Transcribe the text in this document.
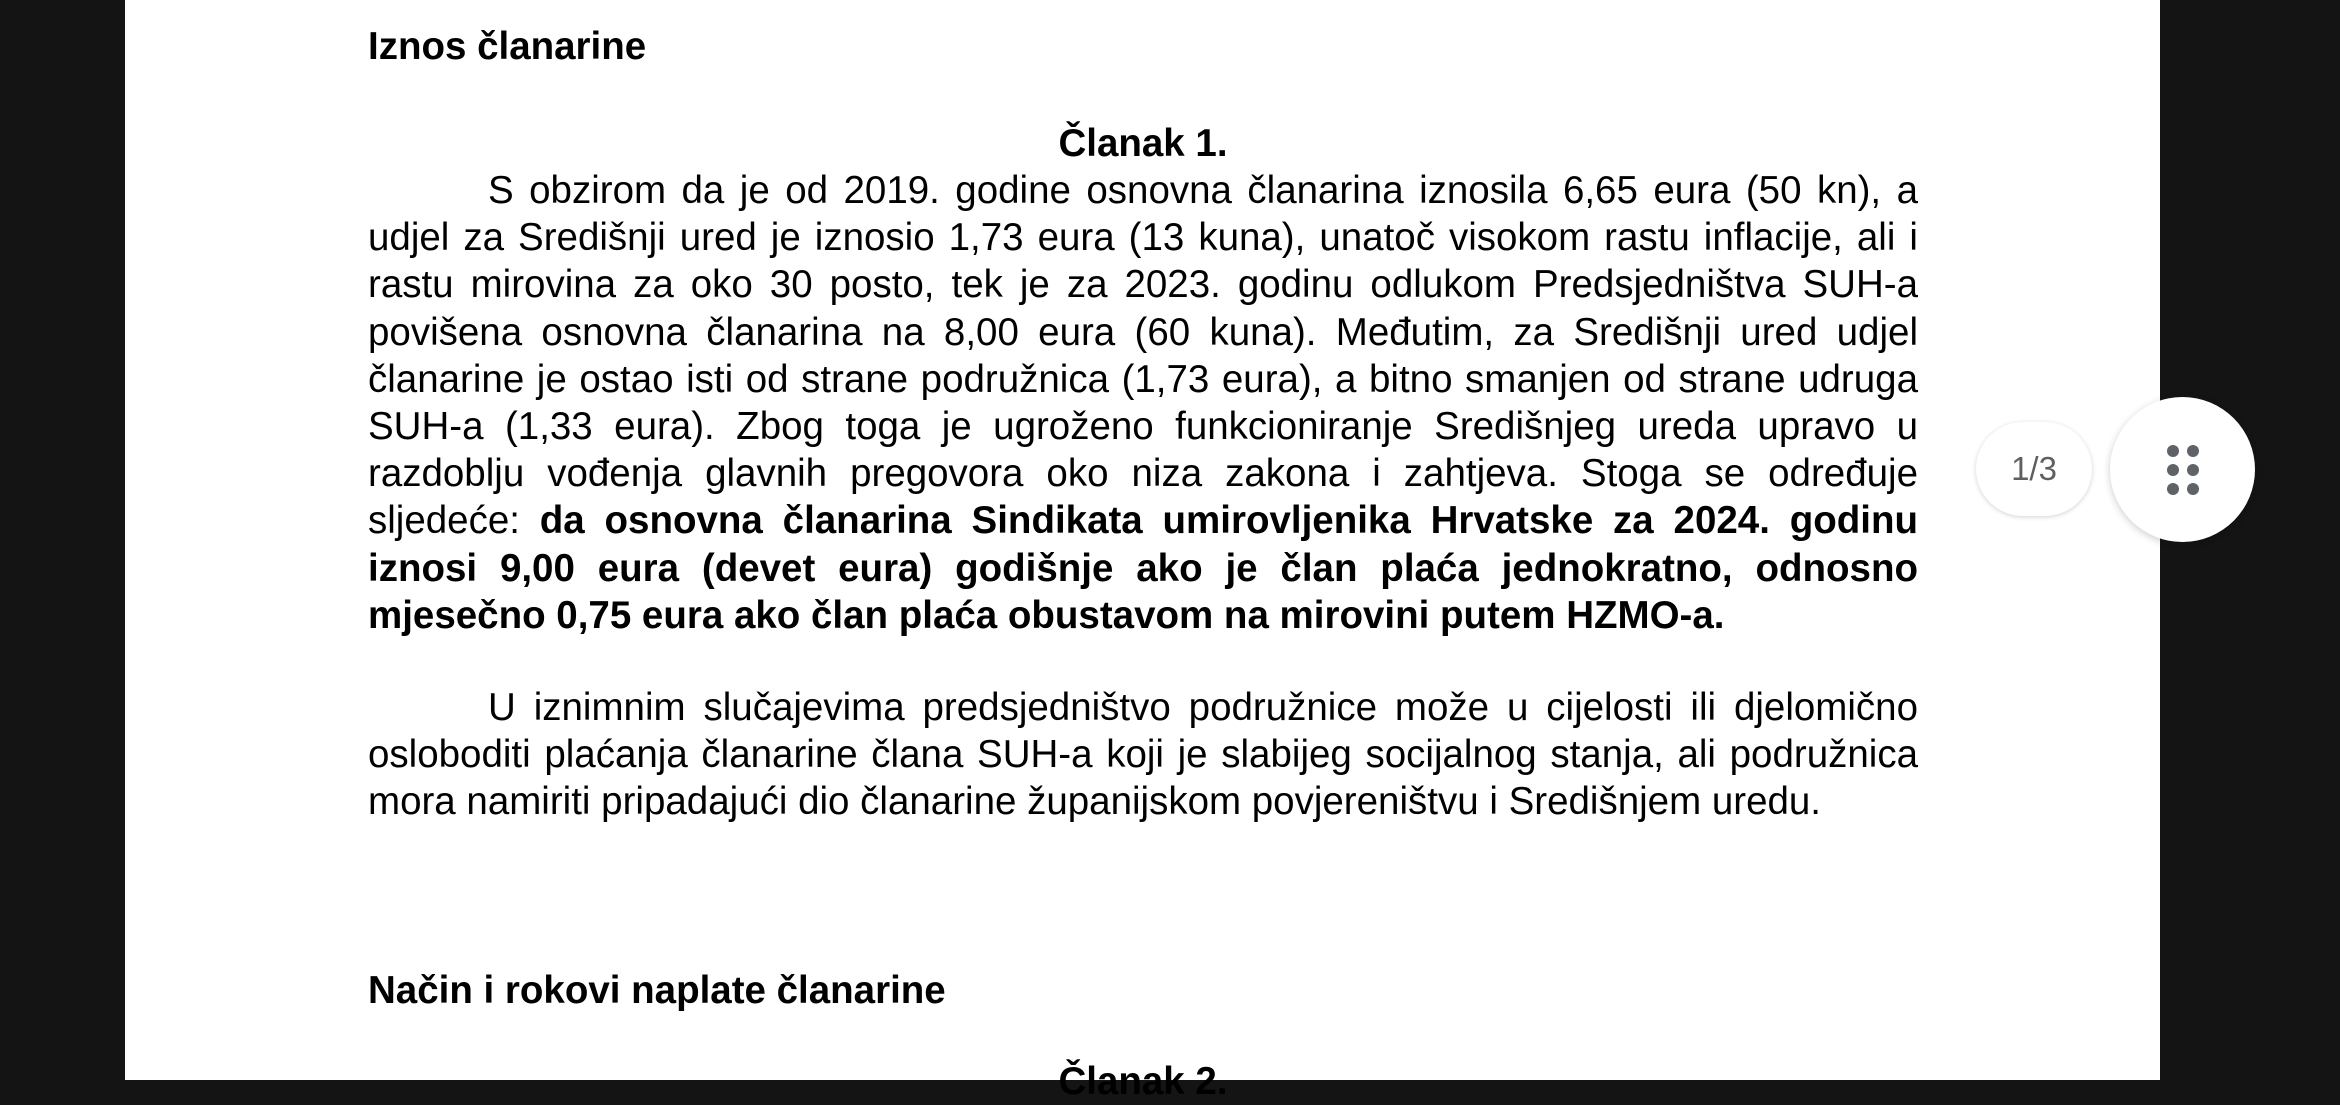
Iznos članarine
Članak 1.
S obzirom da je od 2019. godine osnovna članarina iznosila 6,65 eura (50 kn), a udjel za Središnji ured je iznosio 1,73 eura (13 kuna), unatoč visokom rastu inflacije, ali i rastu mirovina za oko 30 posto, tek je za 2023. godinu odlukom Predsjedništva SUH-a povišena osnovna članarina na 8,00 eura (60 kuna). Međutim, za Središnji ured udjel članarine je ostao isti od strane podružnica (1,73 eura), a bitno smanjen od strane udruga SUH-a (1,33 eura). Zbog toga je ugroženo funkcioniranje Središnjeg ureda upravo u razdoblju vođenja glavnih pregovora oko niza zakona i zahtjeva. Stoga se određuje sljedeće: da osnovna članarina Sindikata umirovljenika Hrvatske za 2024. godinu iznosi 9,00 eura (devet eura) godišnje ako je član plaća jednokratno, odnosno mjesečno 0,75 eura ako član plaća obustavom na mirovini putem HZMO-a.
U iznimnim slučajevima predsjedništvo podružnice može u cijelosti ili djelomično osloboditi plaćanja članarine člana SUH-a koji je slabijeg socijalnog stanja, ali podružnica mora namiriti pripadajući dio članarine županijskom povjereništvu i Središnjem uredu.
Način i rokovi naplate članarine
Članak 2.
1/3
